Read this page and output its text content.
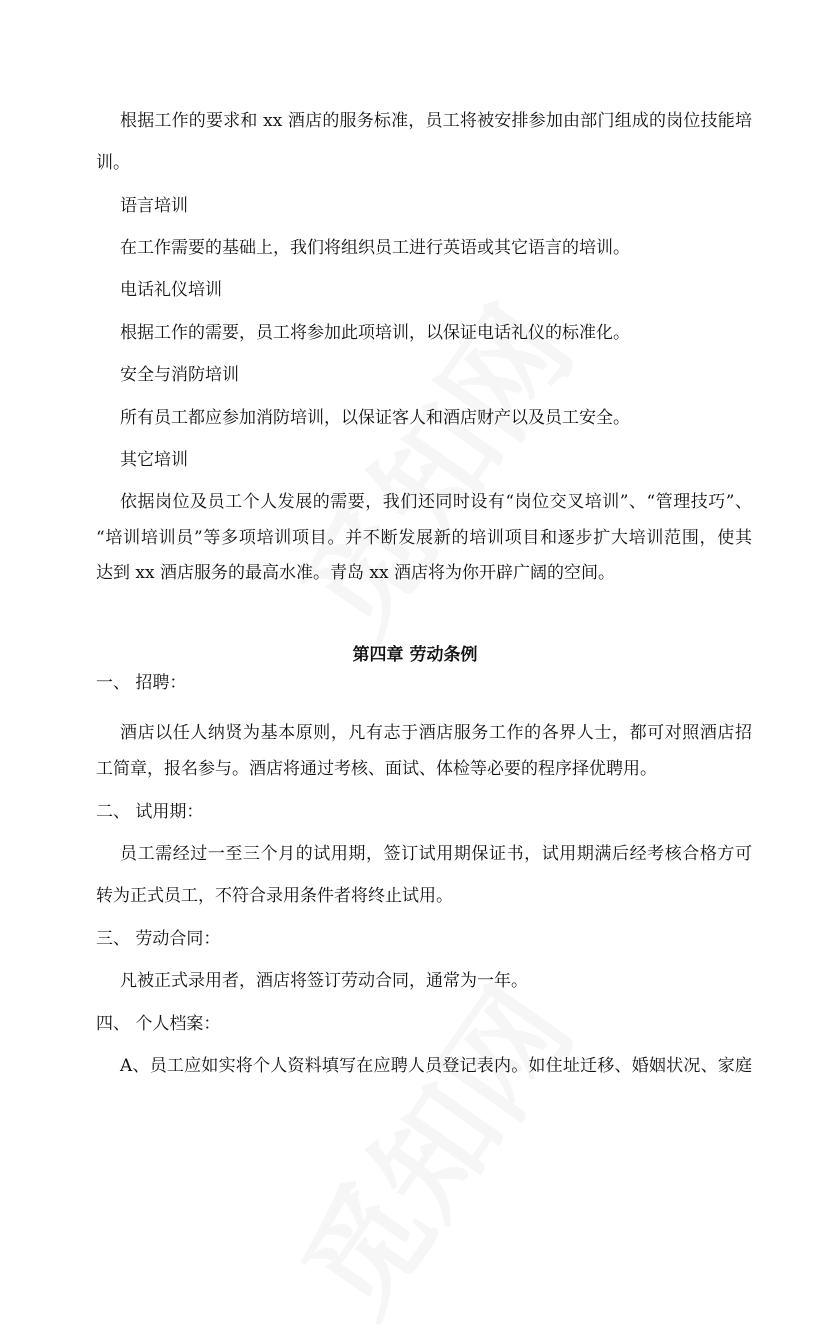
根据工作的要求和 xx 酒店的服务标准，员工将被安排参加由部门组成的岗位技能培
训。
语言培训
在工作需要的基础上，我们将组织员工进行英语或其它语言的培训。
电话礼仪培训
根据工作的需要，员工将参加此项培训，以保证电话礼仪的标准化。
安全与消防培训
所有员工都应参加消防培训，以保证客人和酒店财产以及员工安全。
其它培训
依据岗位及员工个人发展的需要，我们还同时设有“岗位交叉培训”、“管理技巧”、
“培训培训员”等多项培训项目。并不断发展新的培训项目和逐步扩大培训范围，使其
达到 xx 酒店服务的最高水准。青岛 xx 酒店将为你开辟广阔的空间。
第四章 劳动条例
一、 招聘：
酒店以任人纳贤为基本原则，凡有志于酒店服务工作的各界人士，都可对照酒店招
工简章，报名参与。酒店将通过考核、面试、体检等必要的程序择优聘用。
二、 试用期：
员工需经过一至三个月的试用期，签订试用期保证书，试用期满后经考核合格方可
转为正式员工，不符合录用条件者将终止试用。
三、 劳动合同：
凡被正式录用者，酒店将签订劳动合同，通常为一年。
四、 个人档案：
A、员工应如实将个人资料填写在应聘人员登记表内。如住址迁移、婚姻状况、家庭
